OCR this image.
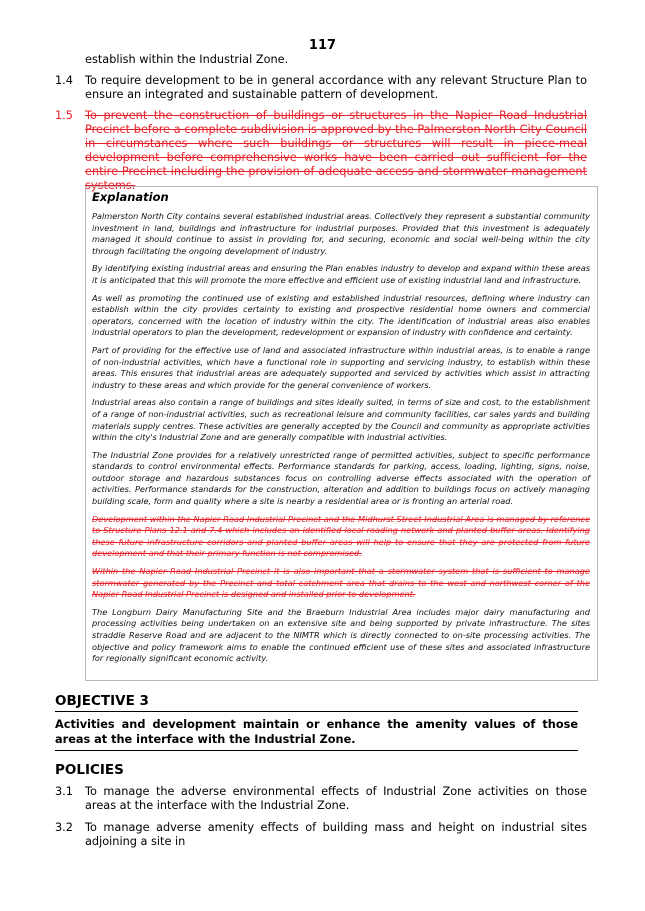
117
establish within the Industrial Zone.
1.4 To require development to be in general accordance with any relevant Structure Plan to ensure an integrated and sustainable pattern of development.
1.5 To prevent the construction of buildings or structures in the Napier Road Industrial Precinct before a complete subdivision is approved by the Palmerston North City Council in circumstances where such buildings or structures will result in piece-meal development before comprehensive works have been carried out sufficient for the entire Precinct including the provision of adequate access and stormwater management systems.
Explanation

Palmerston North City contains several established industrial areas. Collectively they represent a substantial community investment in land, buildings and infrastructure for industrial purposes. Provided that this investment is adequately managed it should continue to assist in providing for, and securing, economic and social well-being within the city through facilitating the ongoing development of industry.

By identifying existing industrial areas and ensuring the Plan enables industry to develop and expand within these areas it is anticipated that this will promote the more effective and efficient use of existing industrial land and infrastructure.

As well as promoting the continued use of existing and established industrial resources, defining where industry can establish within the city provides certainty to existing and prospective residential home owners and commercial operators, concerned with the location of industry within the city. The identification of industrial areas also enables industrial operators to plan the development, redevelopment or expansion of industry with confidence and certainty.

Part of providing for the effective use of land and associated infrastructure within industrial areas, is to enable a range of non-industrial activities, which have a functional role in supporting and servicing industry, to establish within these areas. This ensures that industrial areas are adequately supported and serviced by activities which assist in attracting industry to these areas and which provide for the general convenience of workers.

Industrial areas also contain a range of buildings and sites ideally suited, in terms of size and cost, to the establishment of a range of non-industrial activities, such as recreational leisure and community facilities, car sales yards and building materials supply centres. These activities are generally accepted by the Council and community as appropriate activities within the city's Industrial Zone and are generally compatible with industrial activities.

The Industrial Zone provides for a relatively unrestricted range of permitted activities, subject to specific performance standards to control environmental effects. Performance standards for parking, access, loading, lighting, signs, noise, outdoor storage and hazardous substances focus on controlling adverse effects associated with the operation of activities. Performance standards for the construction, alteration and addition to buildings focus on actively managing building scale, form and quality where a site is nearby a residential area or is fronting an arterial road.

Development within the Napier Road Industrial Precinct and the Midhurst Street Industrial Area is managed by reference to Structure Plans 12.1 and 7.4 which includes an identified local roading network and planted buffer areas. Identifying these future infrastructure corridors and planted buffer areas will help to ensure that they are protected from future development and that their primary function is not compromised.

Within the Napier Road Industrial Precinct it is also important that a stormwater system that is sufficient to manage stormwater generated by the Precinct and total catchment area that drains to the west and northwest corner of the Napier Road Industrial Precinct is designed and installed prior to development.

The Longburn Dairy Manufacturing Site and the Braeburn Industrial Area includes major dairy manufacturing and processing activities being undertaken on an extensive site and being supported by private infrastructure. The sites straddle Reserve Road and are adjacent to the NIMTR which is directly connected to on-site processing activities. The objective and policy framework aims to enable the continued efficient use of these sites and associated infrastructure for regionally significant economic activity.

OBJECTIVE 3
Activities and development maintain or enhance the amenity values of those areas at the interface with the Industrial Zone.
POLICIES
3.1 To manage the adverse environmental effects of Industrial Zone activities on those areas at the interface with the Industrial Zone.
3.2 To manage adverse amenity effects of building mass and height on industrial sites adjoining a site in
